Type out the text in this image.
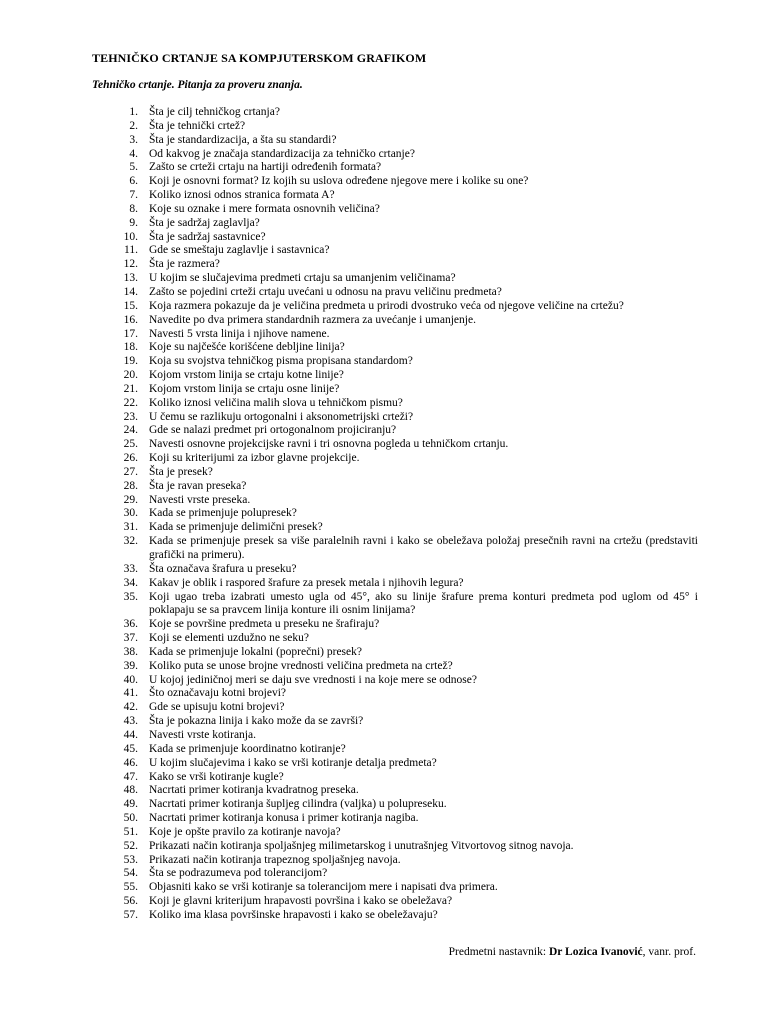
TEHNIČKO CRTANJE SA KOMPJUTERSKOM GRAFIKOM
Tehničko crtanje. Pitanja za proveru znanja.
1. Šta je cilj tehničkog crtanja?
2. Šta je tehnički crtež?
3. Šta je standardizacija, a šta su standardi?
4. Od kakvog je značaja standardizacija za tehničko crtanje?
5. Zašto se crteži crtaju na hartiji određenih formata?
6. Koji je osnovni format? Iz kojih su uslova određene njegove mere i kolike su one?
7. Koliko iznosi odnos stranica formata A?
8. Koje su oznake i mere formata osnovnih veličina?
9. Šta je sadržaj zaglavlja?
10. Šta je sadržaj sastavnice?
11. Gde se smeštaju zaglavlje i sastavnica?
12. Šta je razmera?
13. U kojim se slučajevima predmeti crtaju sa umanjenim veličinama?
14. Zašto se pojedini crteži crtaju uvećani u odnosu na pravu veličinu predmeta?
15. Koja razmera pokazuje da je veličina predmeta u prirodi dvostruko veća od njegove veličine na crtežu?
16. Navedite po dva primera standardnih razmera za uvećanje i umanjenje.
17. Navesti 5 vrsta linija i njihove namene.
18. Koje su najčešće korišćene debljine linija?
19. Koja su svojstva tehničkog pisma propisana standardom?
20. Kojom vrstom linija se crtaju kotne linije?
21. Kojom vrstom linija se crtaju osne linije?
22. Koliko iznosi veličina malih slova u tehničkom pismu?
23. U čemu se razlikuju ortogonalni i aksonometrijski crteži?
24. Gde se nalazi predmet pri ortogonalnom projiciranju?
25. Navesti osnovne projekcijske ravni i tri osnovna pogleda u tehničkom crtanju.
26. Koji su kriterijumi za izbor glavne projekcije.
27. Šta je presek?
28. Šta je ravan preseka?
29. Navesti vrste preseka.
30. Kada se primenjuje polupresek?
31. Kada se primenjuje delimični presek?
32. Kada se primenjuje presek sa više paralelnih ravni i kako se obeležava položaj presečnih ravni na crtežu (predstaviti grafički na primeru).
33. Šta označava šrafura u preseku?
34. Kakav je oblik i raspored šrafure za presek metala i njihovih legura?
35. Koji ugao treba izabrati umesto ugla od 45°, ako su linije šrafure prema konturi predmeta pod uglom od 45° i poklapaju se sa pravcem linija konture ili osnim linijama?
36. Koje se površine predmeta u preseku ne šrafiraju?
37. Koji se elementi uzdužno ne seku?
38. Kada se primenjuje lokalni (poprečni) presek?
39. Koliko puta se unose brojne vrednosti veličina predmeta na crtež?
40. U kojoj jediničnoj meri se daju sve vrednosti i na koje mere se odnose?
41. Što označavaju kotni brojevi?
42. Gde se upisuju kotni brojevi?
43. Šta je pokazna linija i kako može da se završi?
44. Navesti vrste kotiranja.
45. Kada se primenjuje koordinatno kotiranje?
46. U kojim slučajevima i kako se vrši kotiranje detalja predmeta?
47. Kako se vrši kotiranje kugle?
48. Nacrtati primer kotiranja kvadratnog preseka.
49. Nacrtati primer kotiranja šupljeg cilindra (valjka) u polupreseku.
50. Nacrtati primer kotiranja konusa i primer kotiranja nagiba.
51. Koje je opšte pravilo za kotiranje navoja?
52. Prikazati način kotiranja spoljašnjeg milimetarskog i unutrašnjeg Vitvortovog sitnog navoja.
53. Prikazati način kotiranja trapeznog spoljašnjeg navoja.
54. Šta se podrazumeva pod tolerancijom?
55. Objasniti kako se vrši kotiranje sa tolerancijom mere i napisati dva primera.
56. Koji je glavni kriterijum hrapavosti površina i kako se obeležava?
57. Koliko ima klasa površinske hrapavosti i kako se obeležavaju?
Predmetni nastavnik: Dr Lozica Ivanović, vanr. prof.
